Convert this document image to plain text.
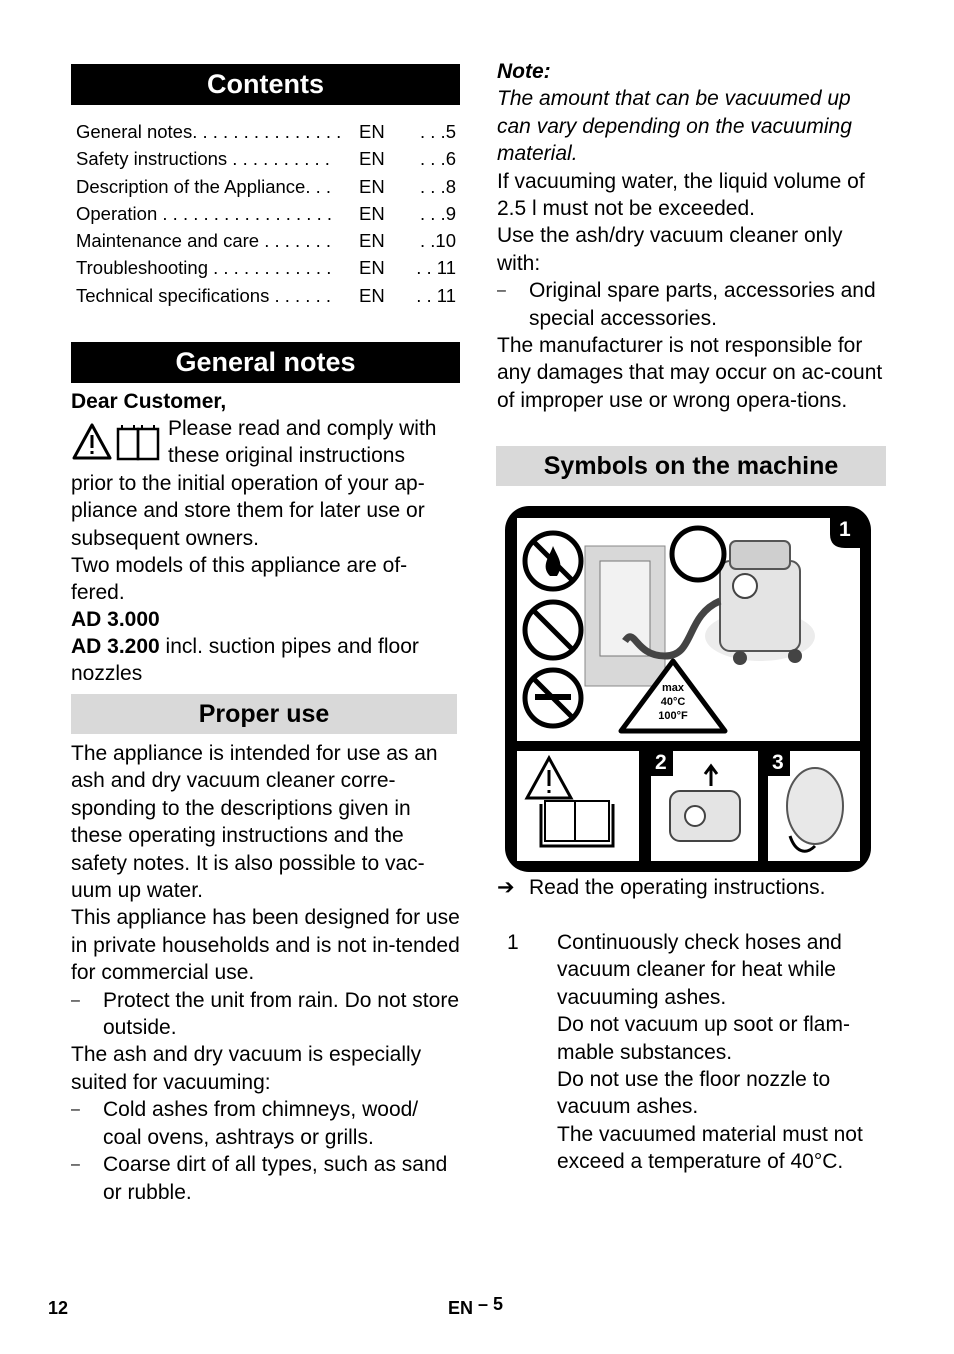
Contents
General notes. . . . . . . . . . . . . . . EN	. . .5
Safety instructions . . . . . . . . . .	EN	. . .6
Description of the Appliance. . .	EN	. . .8
Operation . . . . . . . . . . . . . . . . .	EN	. . .9
Maintenance and care . . . . . . .	EN	. .10
Troubleshooting . . . . . . . . . . . .	EN	. . 11
Technical specifications . . . . . .	EN	. . 11
General notes
Dear Customer,
Please read and comply with
these original instructions
prior to the initial operation of your ap-pliance and store them for later use or subsequent owners.
Two models of this appliance are of-fered.
AD 3.000
AD 3.200 incl. suction pipes and floor nozzles
Proper use

The appliance is intended for use as an ash and dry vacuum cleaner corre-sponding to the descriptions given in these operating instructions and the safety notes. It is also possible to vac-uum up water.

This appliance has been designed for use in private households and is not in-tended for commercial use.

–	Protect the unit from rain. Do not store outside.

The ash and dry vacuum is especially suited for vacuuming:

–	Cold ashes from chimneys, wood/ coal ovens, ashtrays or grills.

–	Coarse dirt of all types, such as sand or rubble.

Note:

The amount that can be vacuumed up can vary depending on the vacuuming material.

If vacuuming water, the liquid volume of 2.5 l must not be exceeded.

Use the ash/dry vacuum cleaner only with:

–	Original spare parts, accessories and special accessories.

The manufacturer is not responsible for any damages that may occur on ac-count of improper use or wrong opera-tions.

Symbols on the machine
1
2	3
max
40°C
100°F
➔ Read the operating instructions.

1	Continuously check hoses and vacuum cleaner for heat while vacuuming ashes.

Do not vacuum up soot or flam-mable substances.

Do not use the floor nozzle to vacuum ashes.

The vacuumed material must not exceed a temperature of 40°C.

12	EN – 5
